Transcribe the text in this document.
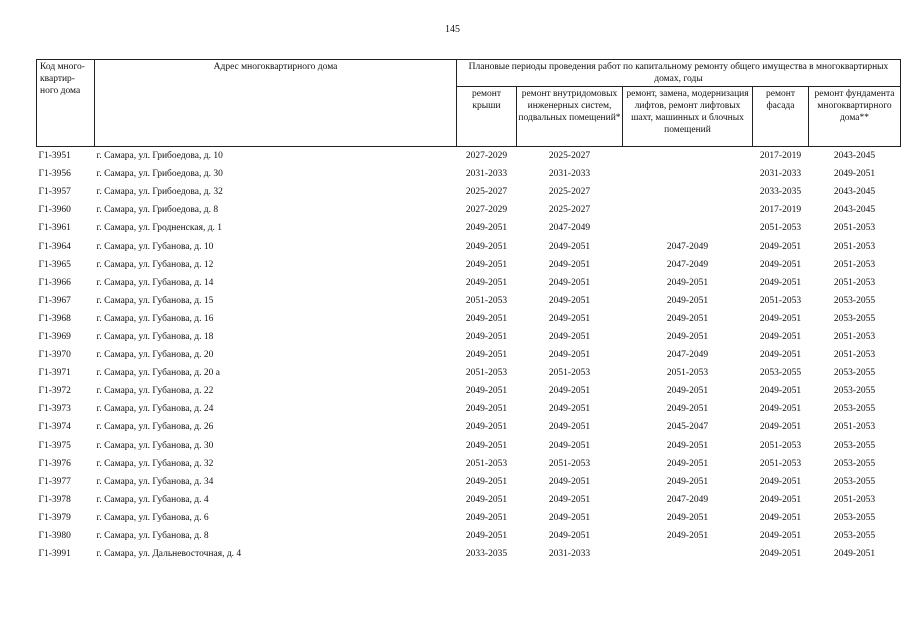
145
Код много-квартир-ного дома	Адрес многоквартирного дома	Плановые периоды проведения работ по капитальному ремонту общего имущества в многоквартирных домах, годы				
		ремонт крыши	ремонт внутридомовых инженерных систем, подвальных помещений*	ремонт, замена, модернизация лифтов, ремонт лифтовых шахт, машинных и блочных помещений	ремонт фасада	ремонт фундамента многоквартирного дома**
Г1-3951	г. Самара, ул. Грибоедова, д. 10	2027-2029	2025-2027		2017-2019	2043-2045
Г1-3956	г. Самара, ул. Грибоедова, д. 30	2031-2033	2031-2033		2031-2033	2049-2051
Г1-3957	г. Самара, ул. Грибоедова, д. 32	2025-2027	2025-2027		2033-2035	2043-2045
Г1-3960	г. Самара, ул. Грибоедова, д. 8	2027-2029	2025-2027		2017-2019	2043-2045
Г1-3961	г. Самара, ул. Гродненская, д. 1	2049-2051	2047-2049		2051-2053	2051-2053
Г1-3964	г. Самара, ул. Губанова, д. 10	2049-2051	2049-2051	2047-2049	2049-2051	2051-2053
Г1-3965	г. Самара, ул. Губанова, д. 12	2049-2051	2049-2051	2047-2049	2049-2051	2051-2053
Г1-3966	г. Самара, ул. Губанова, д. 14	2049-2051	2049-2051	2049-2051	2049-2051	2051-2053
Г1-3967	г. Самара, ул. Губанова, д. 15	2051-2053	2049-2051	2049-2051	2051-2053	2053-2055
Г1-3968	г. Самара, ул. Губанова, д. 16	2049-2051	2049-2051	2049-2051	2049-2051	2053-2055
Г1-3969	г. Самара, ул. Губанова, д. 18	2049-2051	2049-2051	2049-2051	2049-2051	2051-2053
Г1-3970	г. Самара, ул. Губанова, д. 20	2049-2051	2049-2051	2047-2049	2049-2051	2051-2053
Г1-3971	г. Самара, ул. Губанова, д. 20 а	2051-2053	2051-2053	2051-2053	2053-2055	2053-2055
Г1-3972	г. Самара, ул. Губанова, д. 22	2049-2051	2049-2051	2049-2051	2049-2051	2053-2055
Г1-3973	г. Самара, ул. Губанова, д. 24	2049-2051	2049-2051	2049-2051	2049-2051	2053-2055
Г1-3974	г. Самара, ул. Губанова, д. 26	2049-2051	2049-2051	2045-2047	2049-2051	2051-2053
Г1-3975	г. Самара, ул. Губанова, д. 30	2049-2051	2049-2051	2049-2051	2051-2053	2053-2055
Г1-3976	г. Самара, ул. Губанова, д. 32	2051-2053	2051-2053	2049-2051	2051-2053	2053-2055
Г1-3977	г. Самара, ул. Губанова, д. 34	2049-2051	2049-2051	2049-2051	2049-2051	2053-2055
Г1-3978	г. Самара, ул. Губанова, д. 4	2049-2051	2049-2051	2047-2049	2049-2051	2051-2053
Г1-3979	г. Самара, ул. Губанова, д. 6	2049-2051	2049-2051	2049-2051	2049-2051	2053-2055
Г1-3980	г. Самара, ул. Губанова, д. 8	2049-2051	2049-2051	2049-2051	2049-2051	2053-2055
Г1-3991	г. Самара, ул. Дальневосточная, д. 4	2033-2035	2031-2033		2049-2051	2049-2051
